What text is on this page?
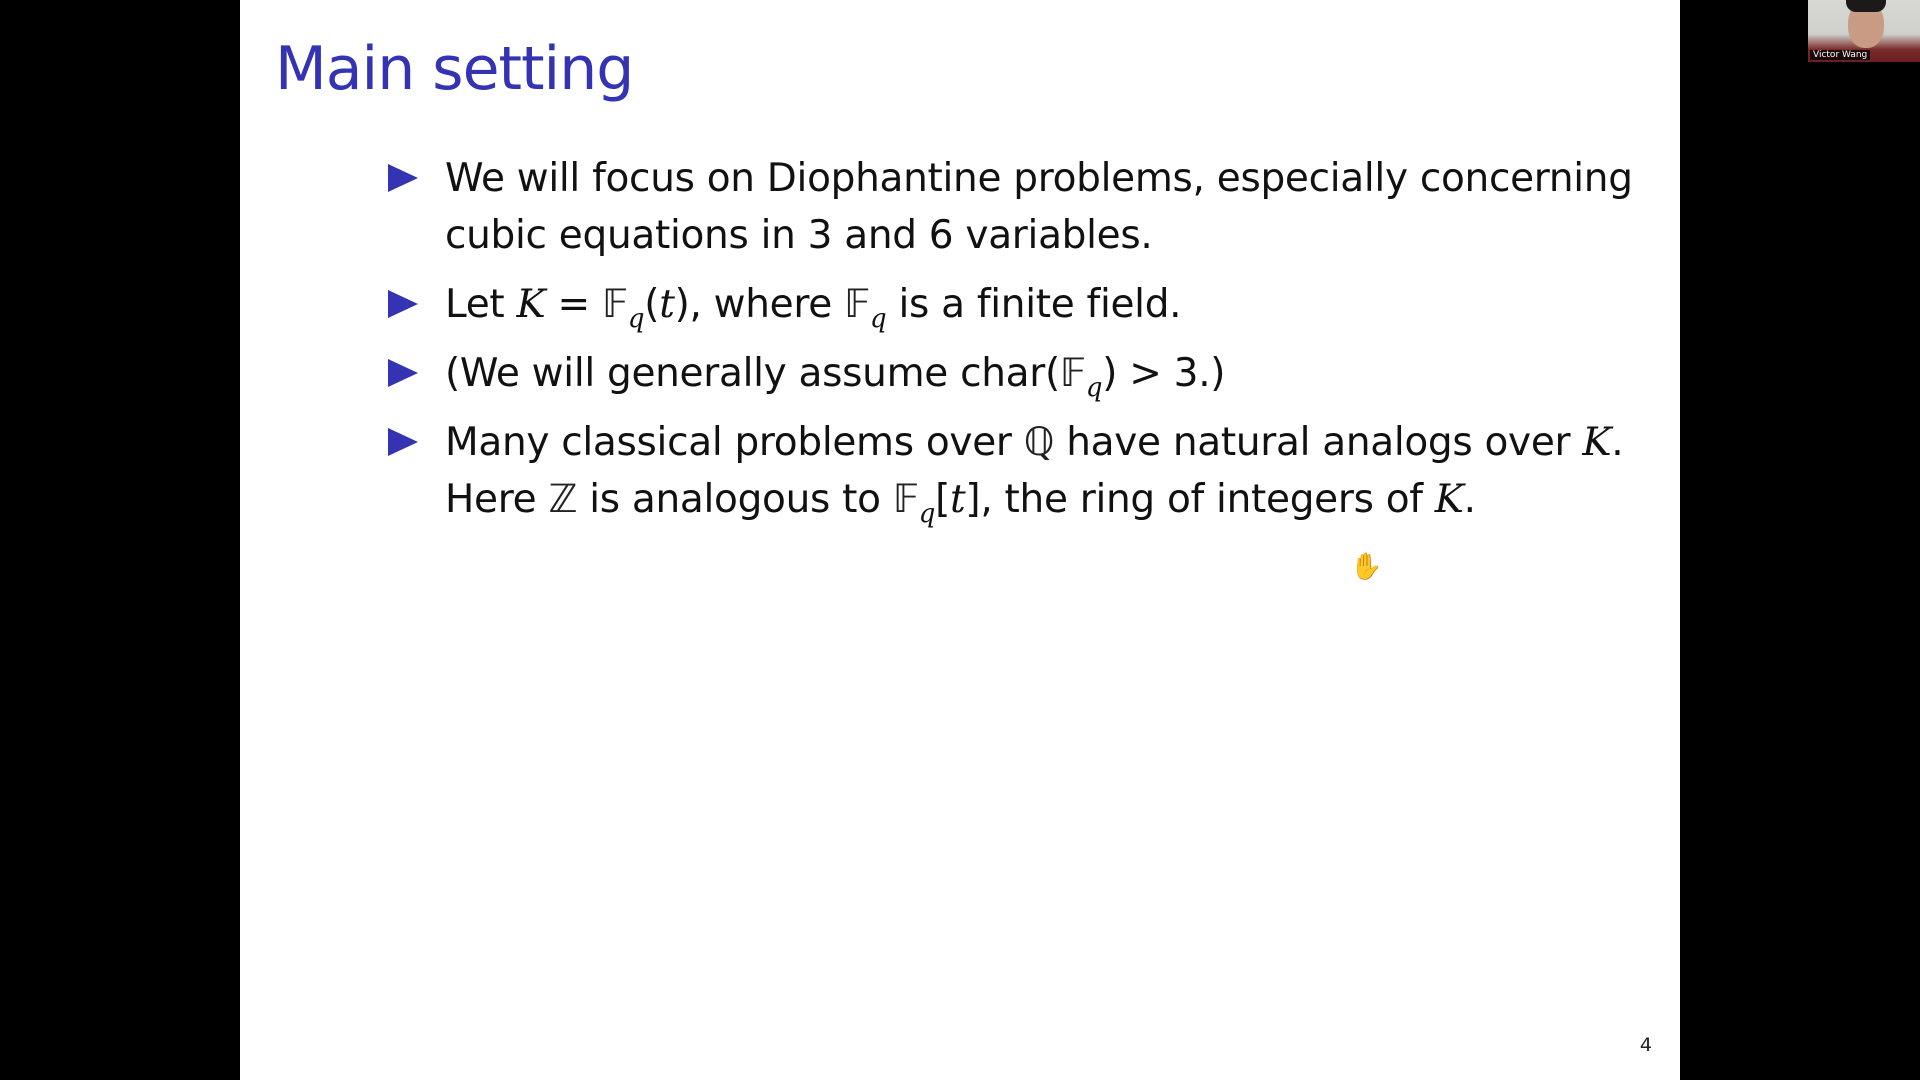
Main setting
We will focus on Diophantine problems, especially concerning cubic equations in 3 and 6 variables.
Let K = 𝔽$_q$(t), where 𝔽$_q$ is a finite field.
(We will generally assume char(𝔽$_q$) > 3.)
Many classical problems over ℚ have natural analogs over K. Here ℤ is analogous to 𝔽$_q$[t], the ring of integers of K.
4
✋
Victor Wang
